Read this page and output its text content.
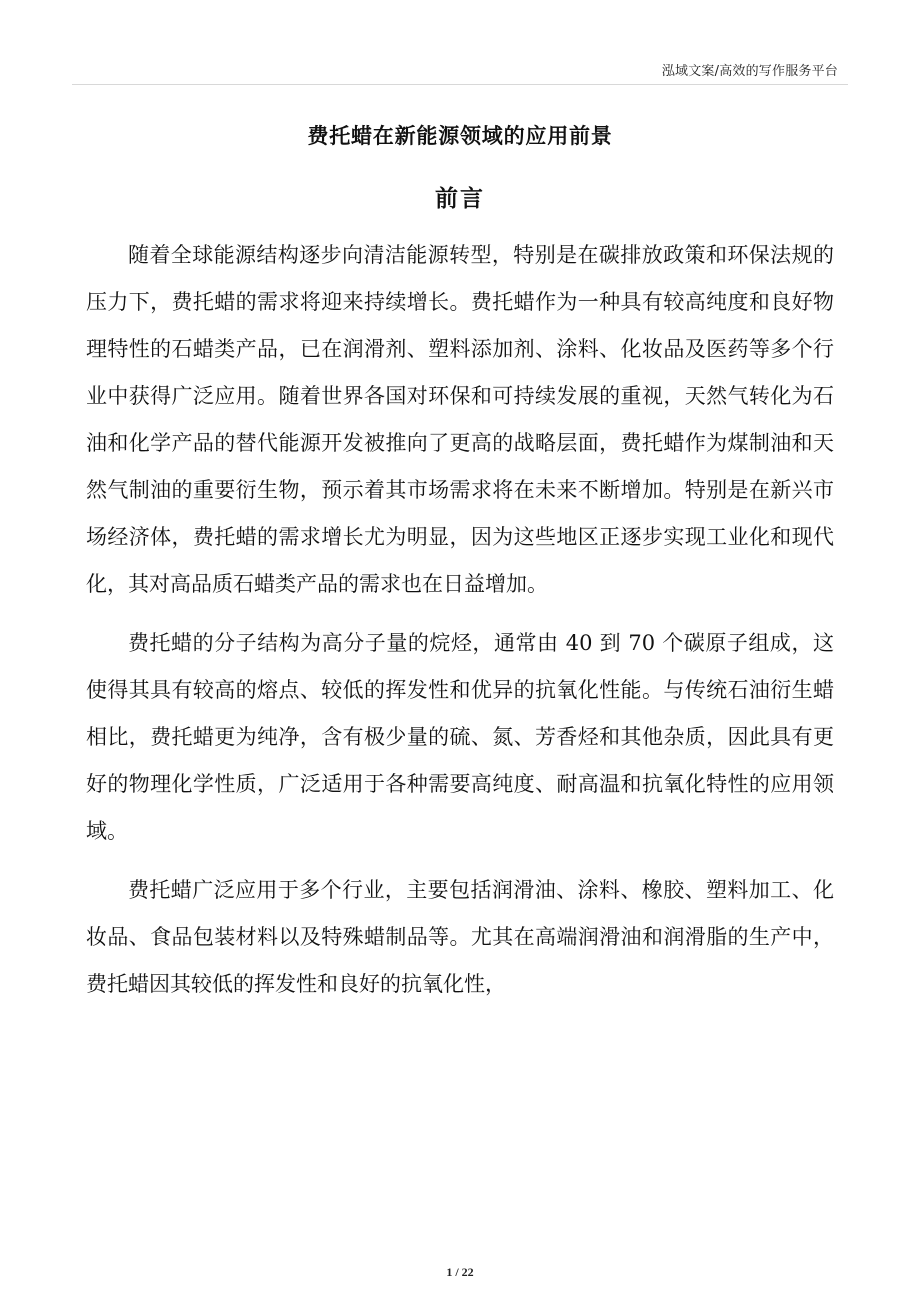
泓域文案/高效的写作服务平台
费托蜡在新能源领域的应用前景
前言

随着全球能源结构逐步向清洁能源转型，特别是在碳排放政策和环保法规的压力下，费托蜡的需求将迎来持续增长。费托蜡作为一种具有较高纯度和良好物理特性的石蜡类产品，已在润滑剂、塑料添加剂、涂料、化妆品及医药等多个行业中获得广泛应用。随着世界各国对环保和可持续发展的重视，天然气转化为石油和化学产品的替代能源开发被推向了更高的战略层面，费托蜡作为煤制油和天然气制油的重要衍生物，预示着其市场需求将在未来不断增加。特别是在新兴市场经济体，费托蜡的需求增长尤为明显，因为这些地区正逐步实现工业化和现代化，其对高品质石蜡类产品的需求也在日益增加。

费托蜡的分子结构为高分子量的烷烃，通常由 40 到 70 个碳原子组成，这使得其具有较高的熔点、较低的挥发性和优异的抗氧化性能。与传统石油衍生蜡相比，费托蜡更为纯净，含有极少量的硫、氮、芳香烃和其他杂质，因此具有更好的物理化学性质，广泛适用于各种需要高纯度、耐高温和抗氧化特性的应用领域。

费托蜡广泛应用于多个行业，主要包括润滑油、涂料、橡胶、塑料加工、化妆品、食品包装材料以及特殊蜡制品等。尤其在高端润滑油和润滑脂的生产中，费托蜡因其较低的挥发性和良好的抗氧化性，

1 / 22
